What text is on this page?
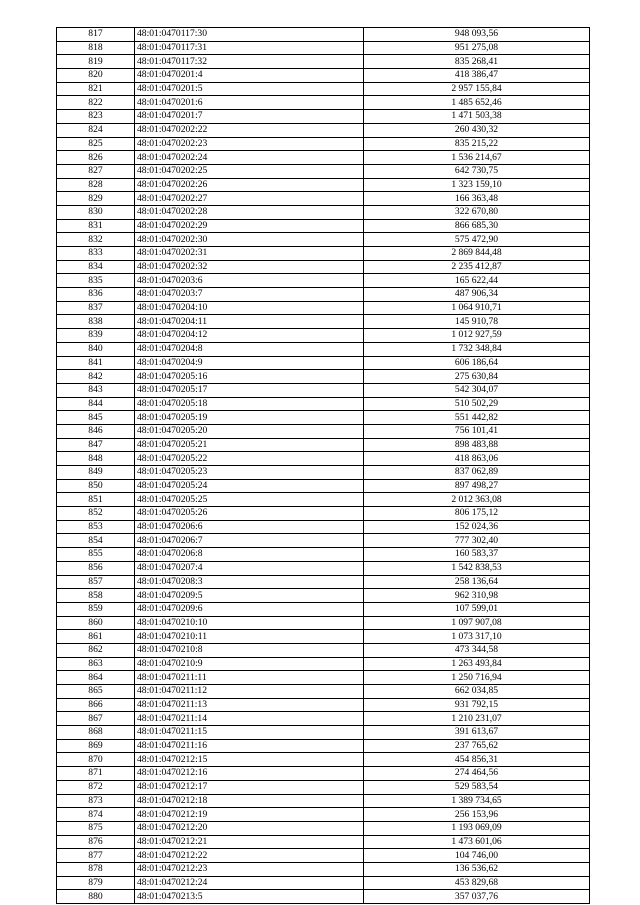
817	48:01:0470117:30	948 093,56
818	48:01:0470117:31	951 275,08
819	48:01:0470117:32	835 268,41
820	48:01:0470201:4	418 386,47
821	48:01:0470201:5	2 957 155,84
822	48:01:0470201:6	1 485 652,46
823	48:01:0470201:7	1 471 503,38
824	48:01:0470202:22	260 430,32
825	48:01:0470202:23	835 215,22
826	48:01:0470202:24	1 536 214,67
827	48:01:0470202:25	642 730,75
828	48:01:0470202:26	1 323 159,10
829	48:01:0470202:27	166 363,48
830	48:01:0470202:28	322 670,80
831	48:01:0470202:29	866 685,30
832	48:01:0470202:30	575 472,90
833	48:01:0470202:31	2 869 844,48
834	48:01:0470202:32	2 235 412,87
835	48:01:0470203:6	165 622,44
836	48:01:0470203:7	487 906,34
837	48:01:0470204:10	1 064 910,71
838	48:01:0470204:11	145 910,78
839	48:01:0470204:12	1 012 927,59
840	48:01:0470204:8	1 732 348,84
841	48:01:0470204:9	606 186,64
842	48:01:0470205:16	275 630,84
843	48:01:0470205:17	542 304,07
844	48:01:0470205:18	510 502,29
845	48:01:0470205:19	551 442,82
846	48:01:0470205:20	756 101,41
847	48:01:0470205:21	898 483,88
848	48:01:0470205:22	418 863,06
849	48:01:0470205:23	837 062,89
850	48:01:0470205:24	897 498,27
851	48:01:0470205:25	2 012 363,08
852	48:01:0470205:26	806 175,12
853	48:01:0470206:6	152 024,36
854	48:01:0470206:7	777 302,40
855	48:01:0470206:8	160 583,37
856	48:01:0470207:4	1 542 838,53
857	48:01:0470208:3	258 136,64
858	48:01:0470209:5	962 310,98
859	48:01:0470209:6	107 599,01
860	48:01:0470210:10	1 097 907,08
861	48:01:0470210:11	1 073 317,10
862	48:01:0470210:8	473 344,58
863	48:01:0470210:9	1 263 493,84
864	48:01:0470211:11	1 250 716,94
865	48:01:0470211:12	662 034,85
866	48:01:0470211:13	931 792,15
867	48:01:0470211:14	1 210 231,07
868	48:01:0470211:15	391 613,67
869	48:01:0470211:16	237 765,62
870	48:01:0470212:15	454 856,31
871	48:01:0470212:16	274 464,56
872	48:01:0470212:17	529 583,54
873	48:01:0470212:18	1 389 734,65
874	48:01:0470212:19	256 153,96
875	48:01:0470212:20	1 193 069,09
876	48:01:0470212:21	1 473 601,06
877	48:01:0470212:22	104 746,00
878	48:01:0470212:23	136 536,62
879	48:01:0470212:24	453 829,68
880	48:01:0470213:5	357 037,76
